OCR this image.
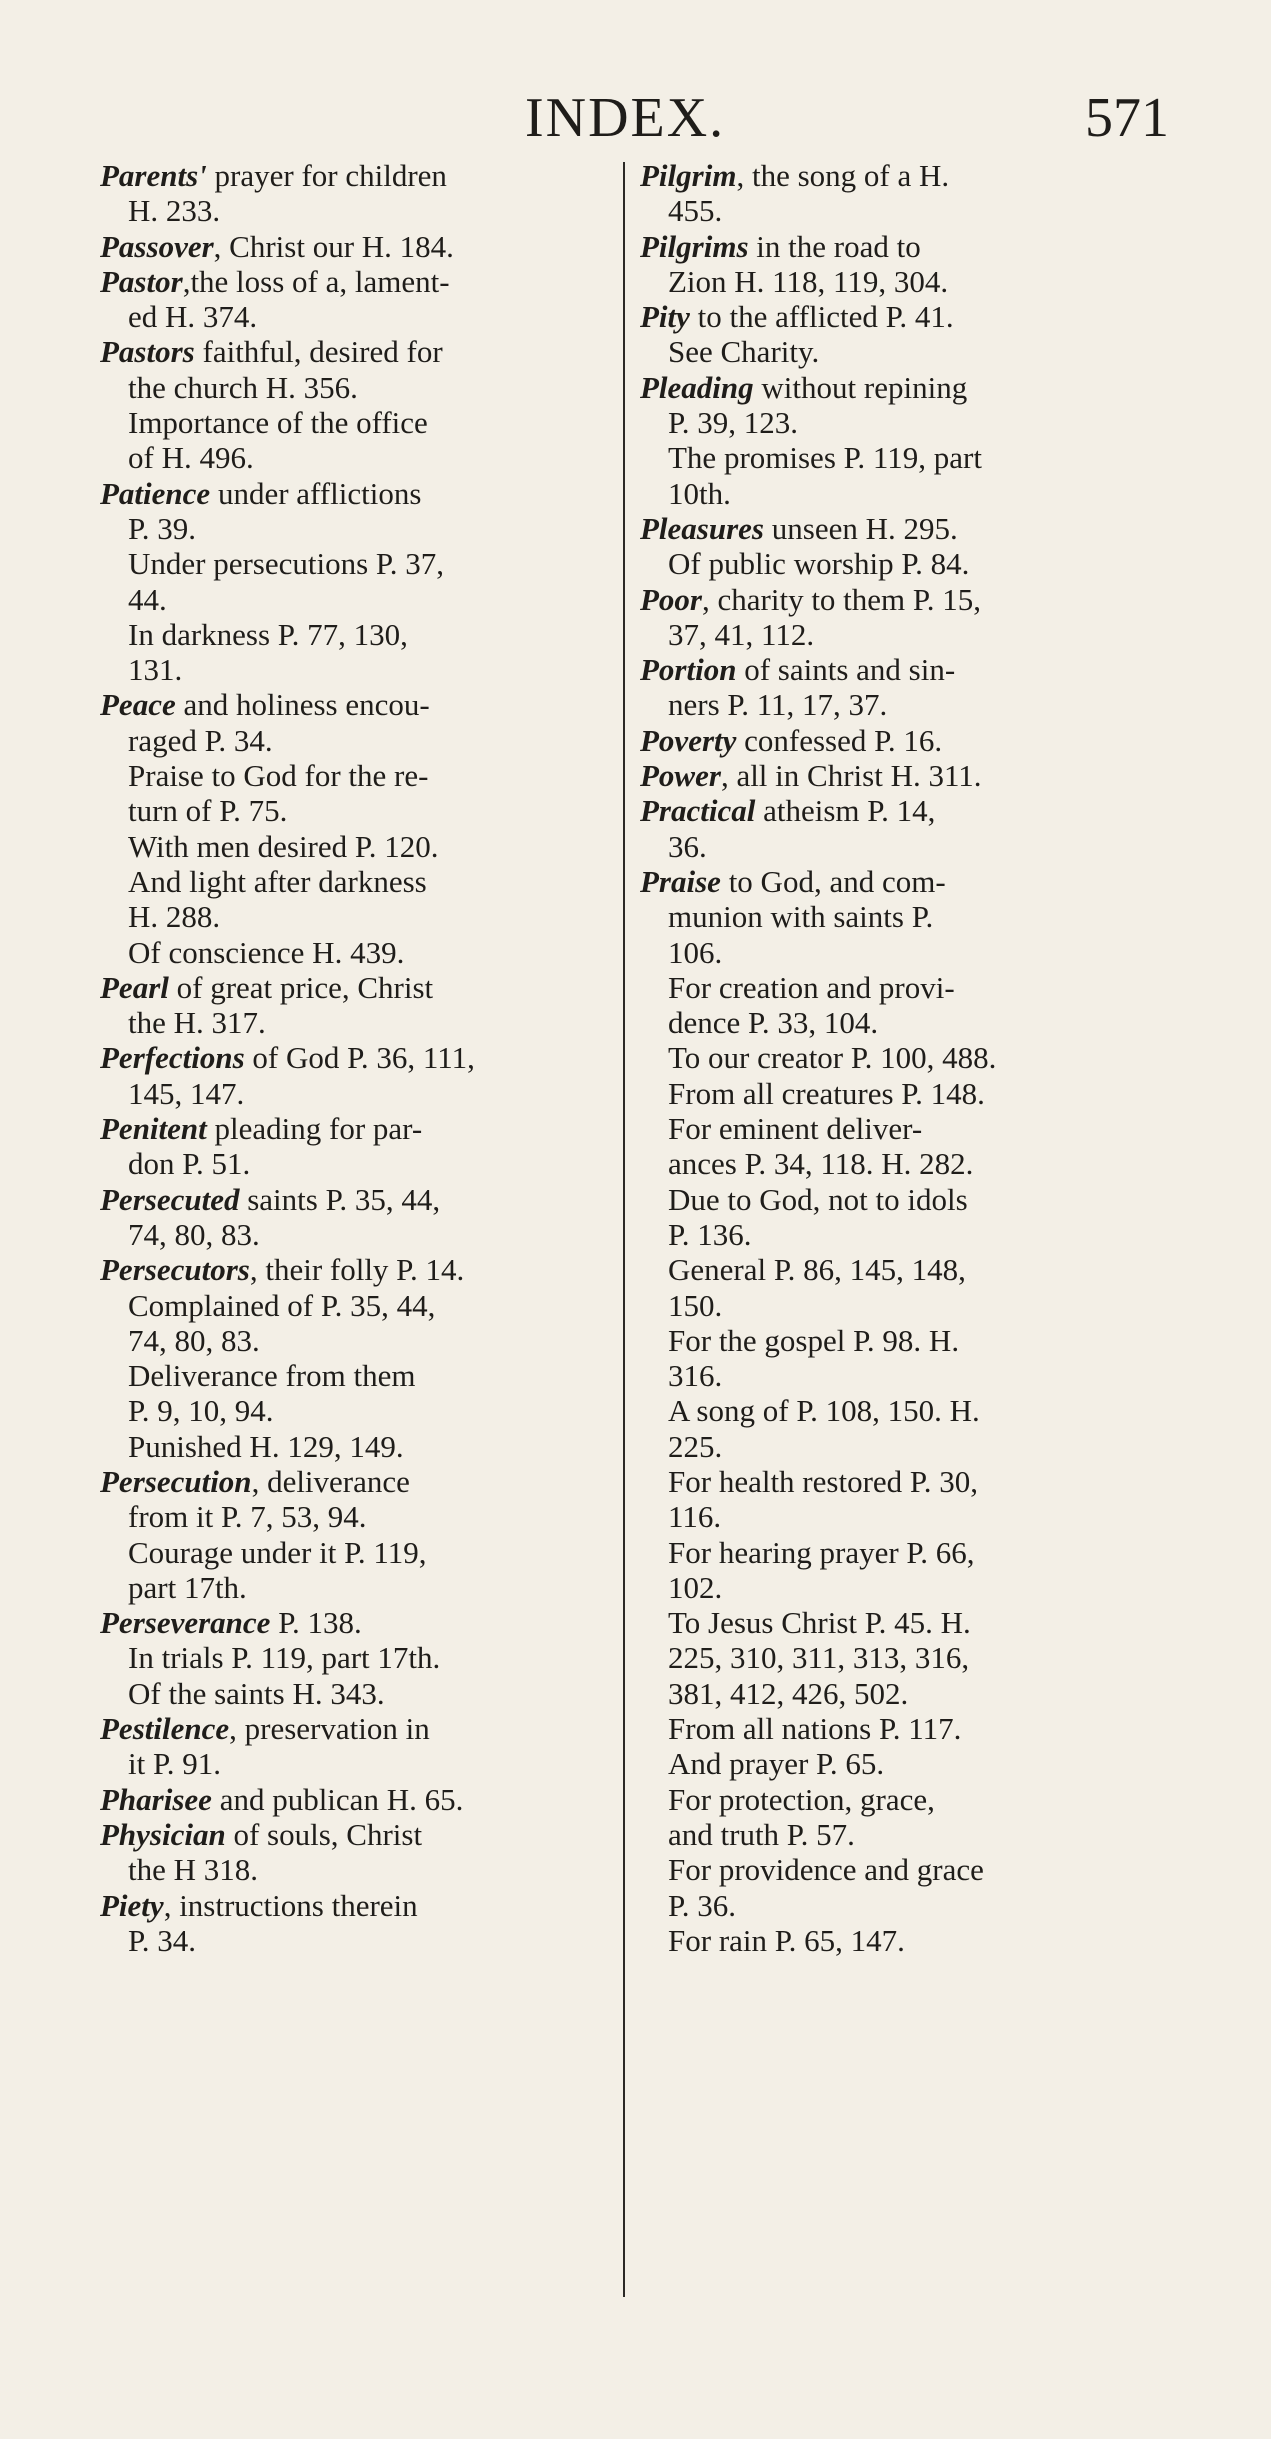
INDEX.	571
Parents' prayer for children
H. 233.
Passover, Christ our H. 184.
Pastor,the loss of a, lament-
ed H. 374.
Pastors faithful, desired for
the church H. 356.
Importance of the office
of H. 496.
Patience under afflictions
P. 39.
Under persecutions P. 37,
44.
In darkness P. 77, 130,
131.
Peace and holiness encou-
raged P. 34.
Praise to God for the re-
turn of P. 75.
With men desired P. 120.
And light after darkness
H. 288.
Of conscience H. 439.
Pearl of great price, Christ
the H. 317.
Perfections of God P. 36, 111,
145, 147.
Penitent pleading for par-
don P. 51.
Persecuted saints P. 35, 44,
74, 80, 83.
Persecutors, their folly P. 14.
Complained of P. 35, 44,
74, 80, 83.
Deliverance from them
P. 9, 10, 94.
Punished H. 129, 149.
Persecution, deliverance
from it P. 7, 53, 94.
Courage under it P. 119,
part 17th.
Perseverance P. 138.
In trials P. 119, part 17th.
Of the saints H. 343.
Pestilence, preservation in
it P. 91.
Pharisee and publican H. 65.
Physician of souls, Christ
the H 318.
Piety, instructions therein
P. 34.
Pilgrim, the song of a H.
455.
Pilgrims in the road to
Zion H. 118, 119, 304.
Pity to the afflicted P. 41.
See Charity.
Pleading without repining
P. 39, 123.
The promises P. 119, part
10th.
Pleasures unseen H. 295.
Of public worship P. 84.
Poor, charity to them P. 15,
37, 41, 112.
Portion of saints and sin-
ners P. 11, 17, 37.
Poverty confessed P. 16.
Power, all in Christ H. 311.
Practical atheism P. 14,
36.
Praise to God, and com-
munion with saints P.
106.
For creation and provi-
dence P. 33, 104.
To our creator P. 100, 488.
From all creatures P. 148.
For eminent deliver-
ances P. 34, 118. H. 282.
Due to God, not to idols
P. 136.
General P. 86, 145, 148,
150.
For the gospel P. 98. H.
316.
A song of P. 108, 150. H.
225.
For health restored P. 30,
116.
For hearing prayer P. 66,
102.
To Jesus Christ P. 45. H.
225, 310, 311, 313, 316,
381, 412, 426, 502.
From all nations P. 117.
And prayer P. 65.
For protection, grace,
and truth P. 57.
For providence and grace
P. 36.
For rain P. 65, 147.
